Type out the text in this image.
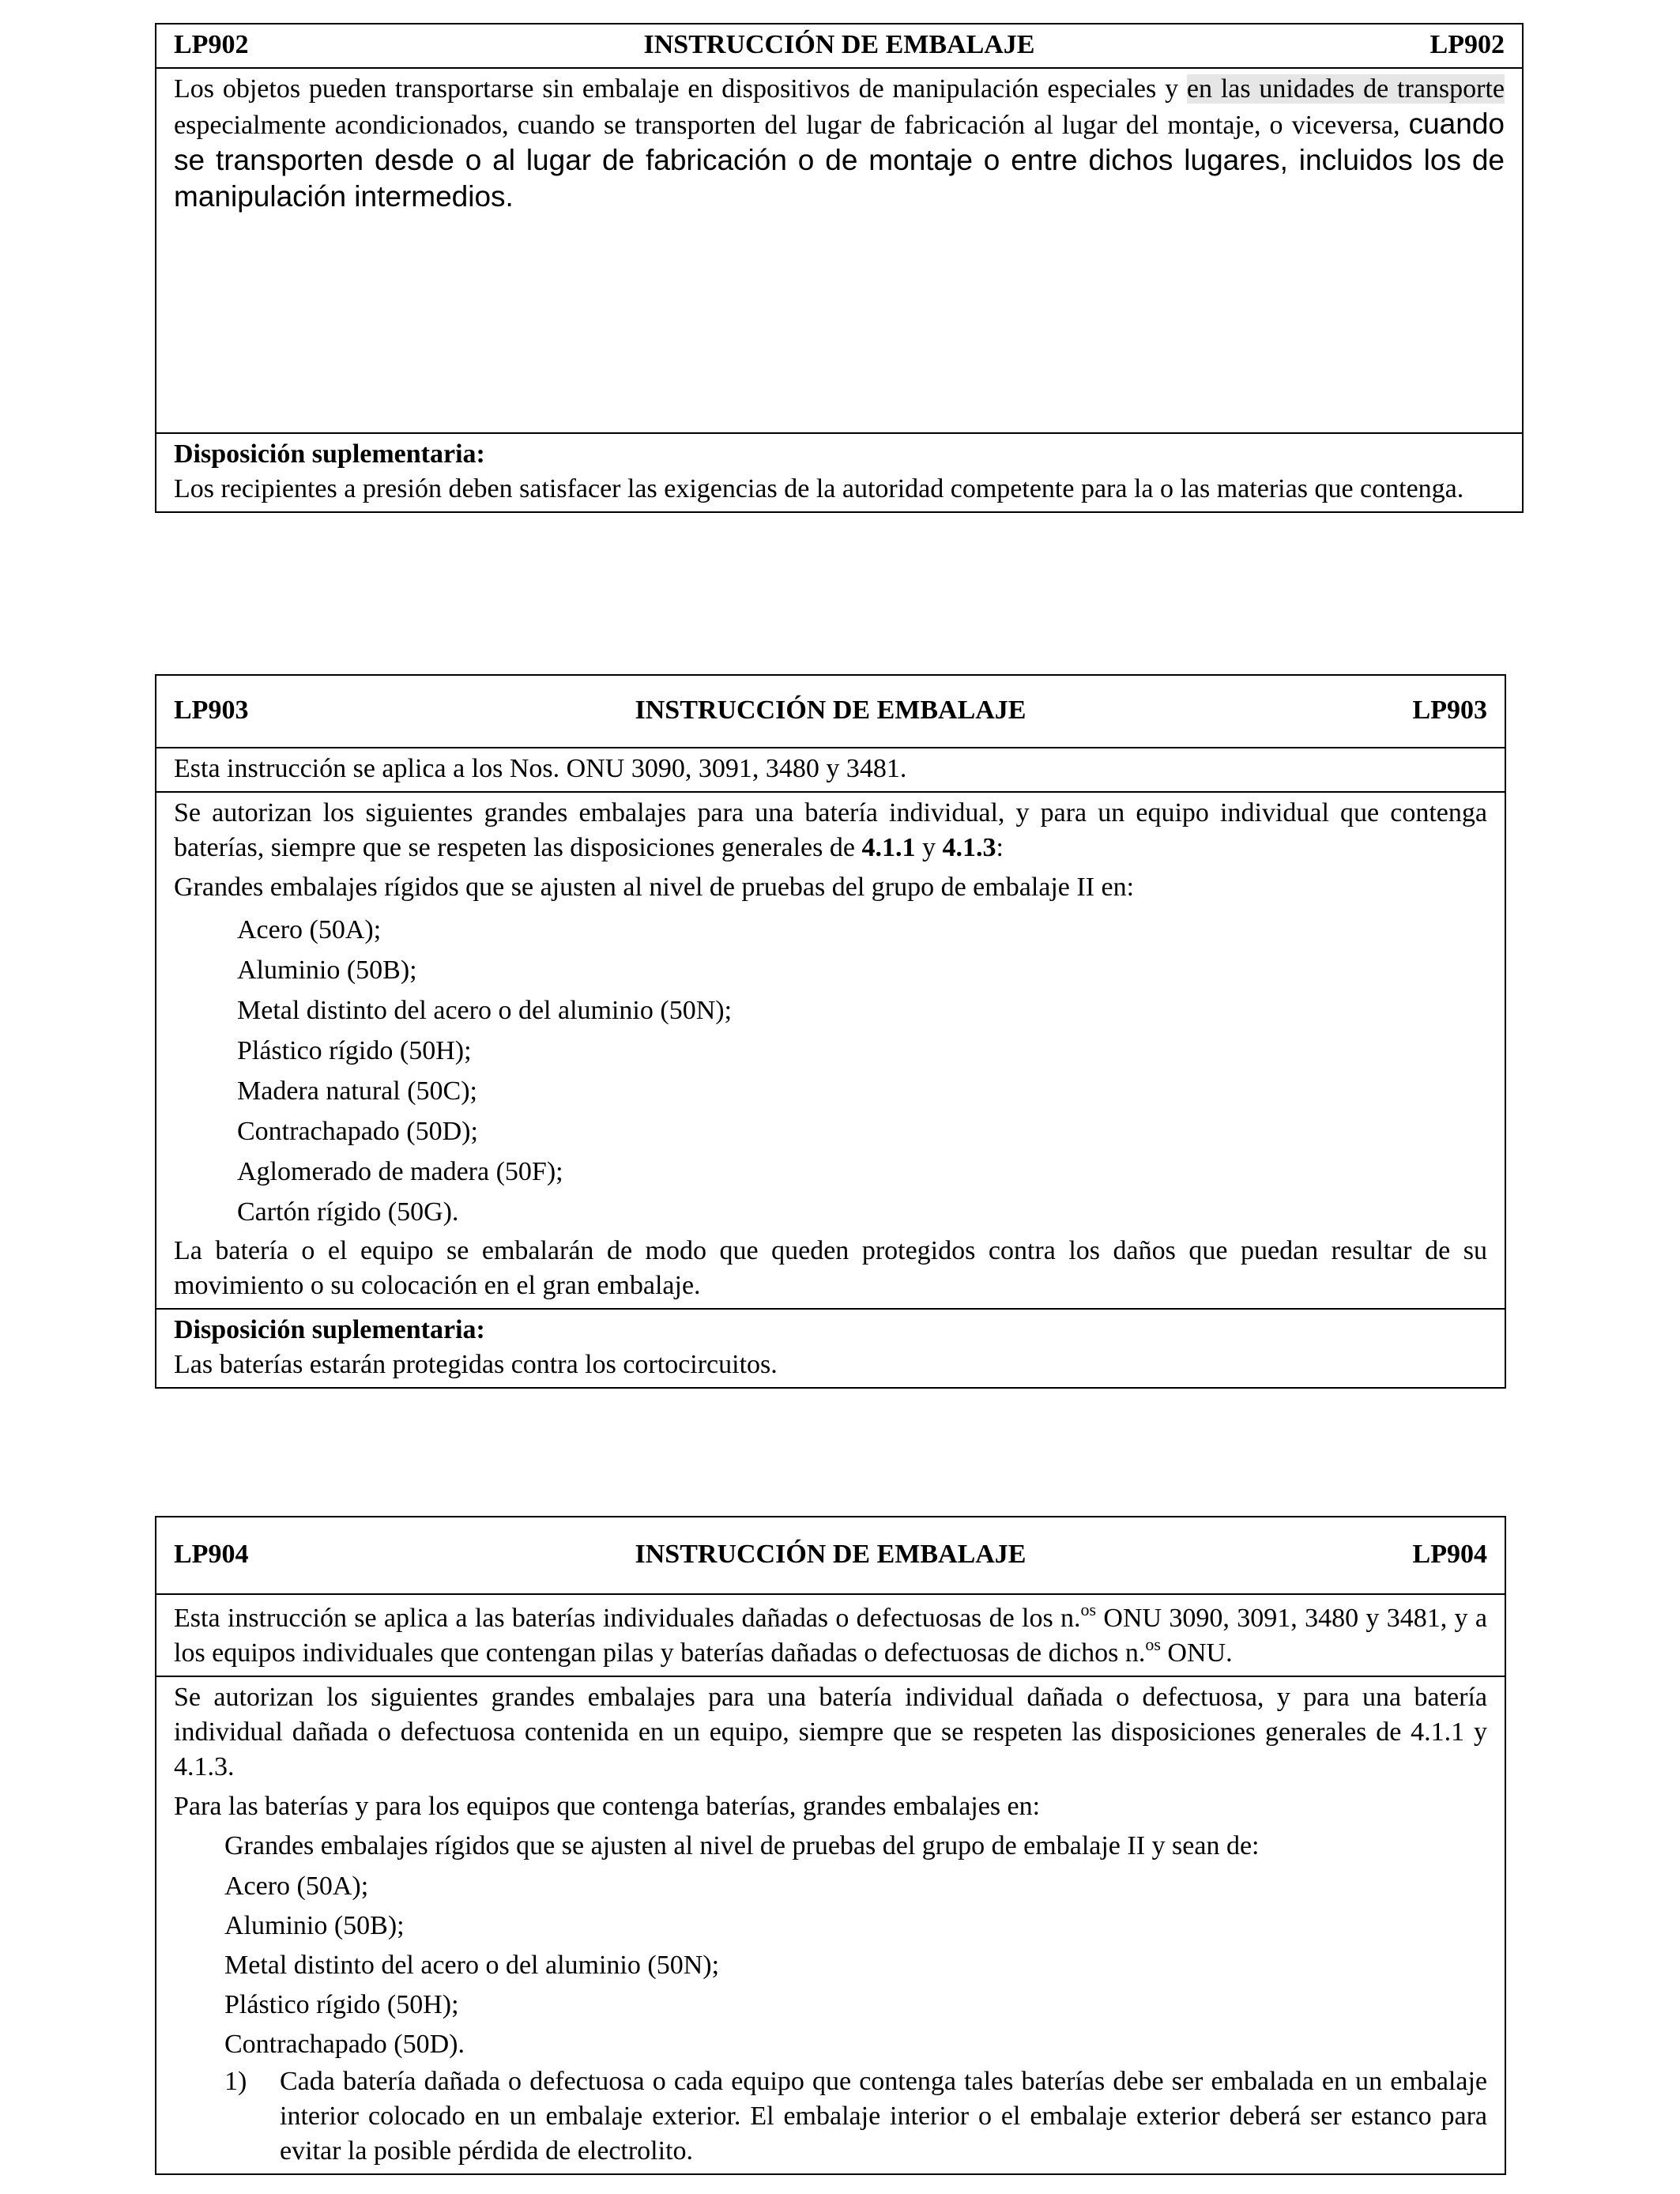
LP902	INSTRUCCIÓN DE EMBALAJE	LP902

Los objetos pueden transportarse sin embalaje en dispositivos de manipulación especiales y en las unidades de transporte especialmente acondicionados, cuando se transporten del lugar de fabricación al lugar del montaje, o viceversa, cuando se transporten desde o al lugar de fabricación o de montaje o entre dichos lugares, incluidos los de manipulación intermedios.

Disposición suplementaria:

Los recipientes a presión deben satisfacer las exigencias de la autoridad competente para la o las materias que contenga.

LP903	INSTRUCCIÓN DE EMBALAJE	LP903

Esta instrucción se aplica a los Nos. ONU 3090, 3091, 3480 y 3481.

Se autorizan los siguientes grandes embalajes para una batería individual, y para un equipo individual que contenga baterías, siempre que se respeten las disposiciones generales de 4.1.1 y 4.1.3:

Grandes embalajes rígidos que se ajusten al nivel de pruebas del grupo de embalaje II en:

Acero (50A);

Aluminio (50B);

Metal distinto del acero o del aluminio (50N);

Plástico rígido (50H);

Madera natural (50C);

Contrachapado (50D);

Aglomerado de madera (50F);

Cartón rígido (50G).

La batería o el equipo se embalarán de modo que queden protegidos contra los daños que puedan resultar de su movimiento o su colocación en el gran embalaje.

Disposición suplementaria:

Las baterías estarán protegidas contra los cortocircuitos.

LP904	INSTRUCCIÓN DE EMBALAJE	LP904

Esta instrucción se aplica a las baterías individuales dañadas o defectuosas de los n.$^{os}$ ONU 3090, 3091, 3480 y 3481, y a los equipos individuales que contengan pilas y baterías dañadas o defectuosas de dichos n.$^{os}$ ONU.

Se autorizan los siguientes grandes embalajes para una batería individual dañada o defectuosa, y para una batería individual dañada o defectuosa contenida en un equipo, siempre que se respeten las disposiciones generales de 4.1.1 y 4.1.3.

Para las baterías y para los equipos que contenga baterías, grandes embalajes en:

Grandes embalajes rígidos que se ajusten al nivel de pruebas del grupo de embalaje II y sean de:

Acero (50A);

Aluminio (50B);

Metal distinto del acero o del aluminio (50N);

Plástico rígido (50H);

Contrachapado (50D).

1)	Cada batería dañada o defectuosa o cada equipo que contenga tales baterías debe ser embalada en un embalaje interior colocado en un embalaje exterior. El embalaje interior o el embalaje exterior deberá ser estanco para evitar la posible pérdida de electrolito.
